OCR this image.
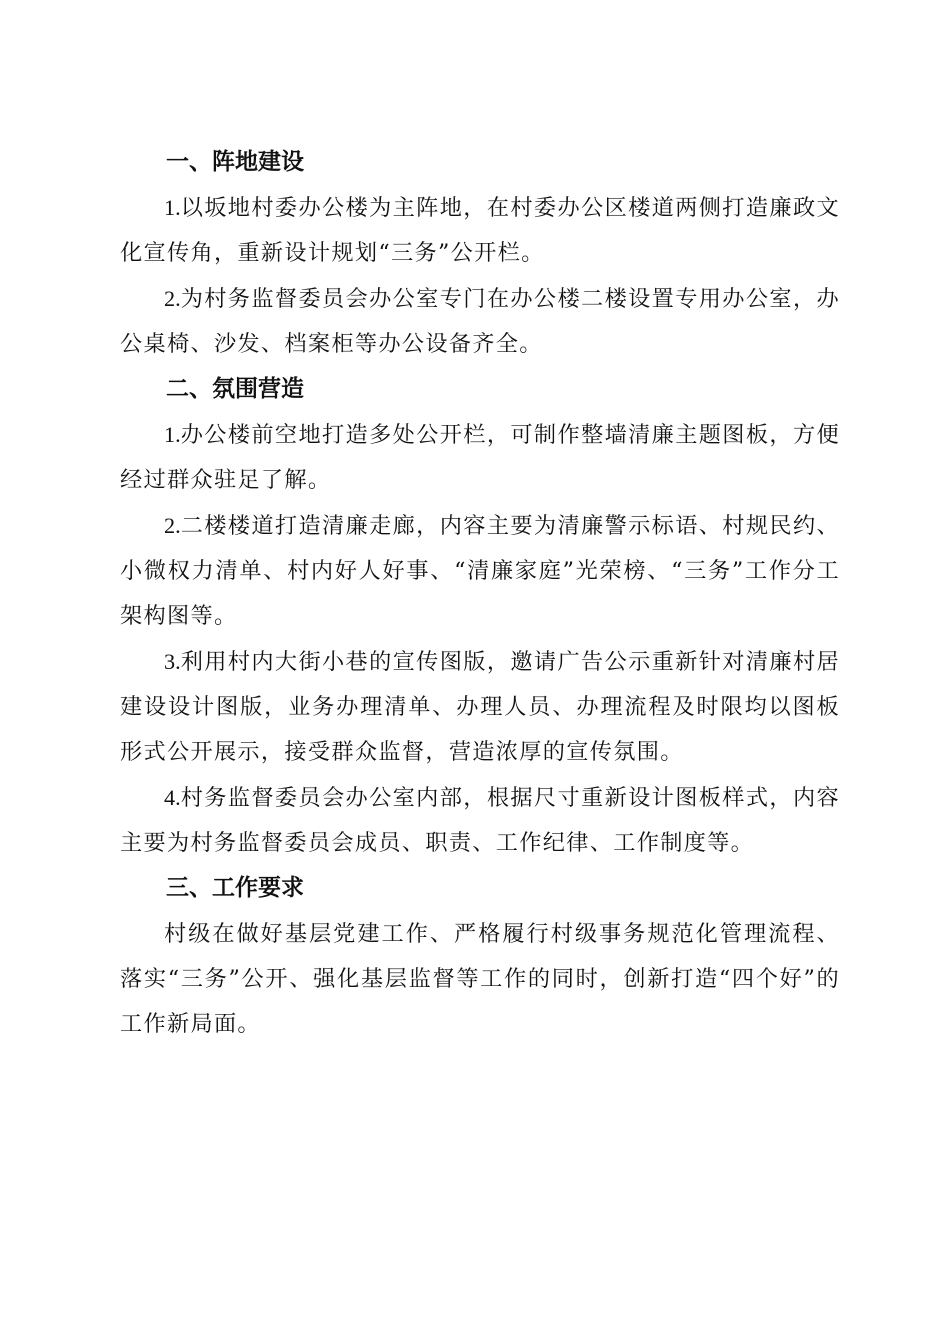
一、阵地建设

1.以坂地村委办公楼为主阵地，在村委办公区楼道两侧打造廉政文化宣传角，重新设计规划“三务”公开栏。

2.为村务监督委员会办公室专门在办公楼二楼设置专用办公室，办公桌椅、沙发、档案柜等办公设备齐全。

二、氛围营造

1.办公楼前空地打造多处公开栏，可制作整墙清廉主题图板，方便经过群众驻足了解。

2.二楼楼道打造清廉走廊，内容主要为清廉警示标语、村规民约、小微权力清单、村内好人好事、“清廉家庭”光荣榜、“三务”工作分工架构图等。

3.利用村内大街小巷的宣传图版，邀请广告公示重新针对清廉村居建设设计图版，业务办理清单、办理人员、办理流程及时限均以图板形式公开展示，接受群众监督，营造浓厚的宣传氛围。

4.村务监督委员会办公室内部，根据尺寸重新设计图板样式，内容主要为村务监督委员会成员、职责、工作纪律、工作制度等。

三、工作要求

村级在做好基层党建工作、严格履行村级事务规范化管理流程、落实“三务”公开、强化基层监督等工作的同时，创新打造“四个好”的工作新局面。
